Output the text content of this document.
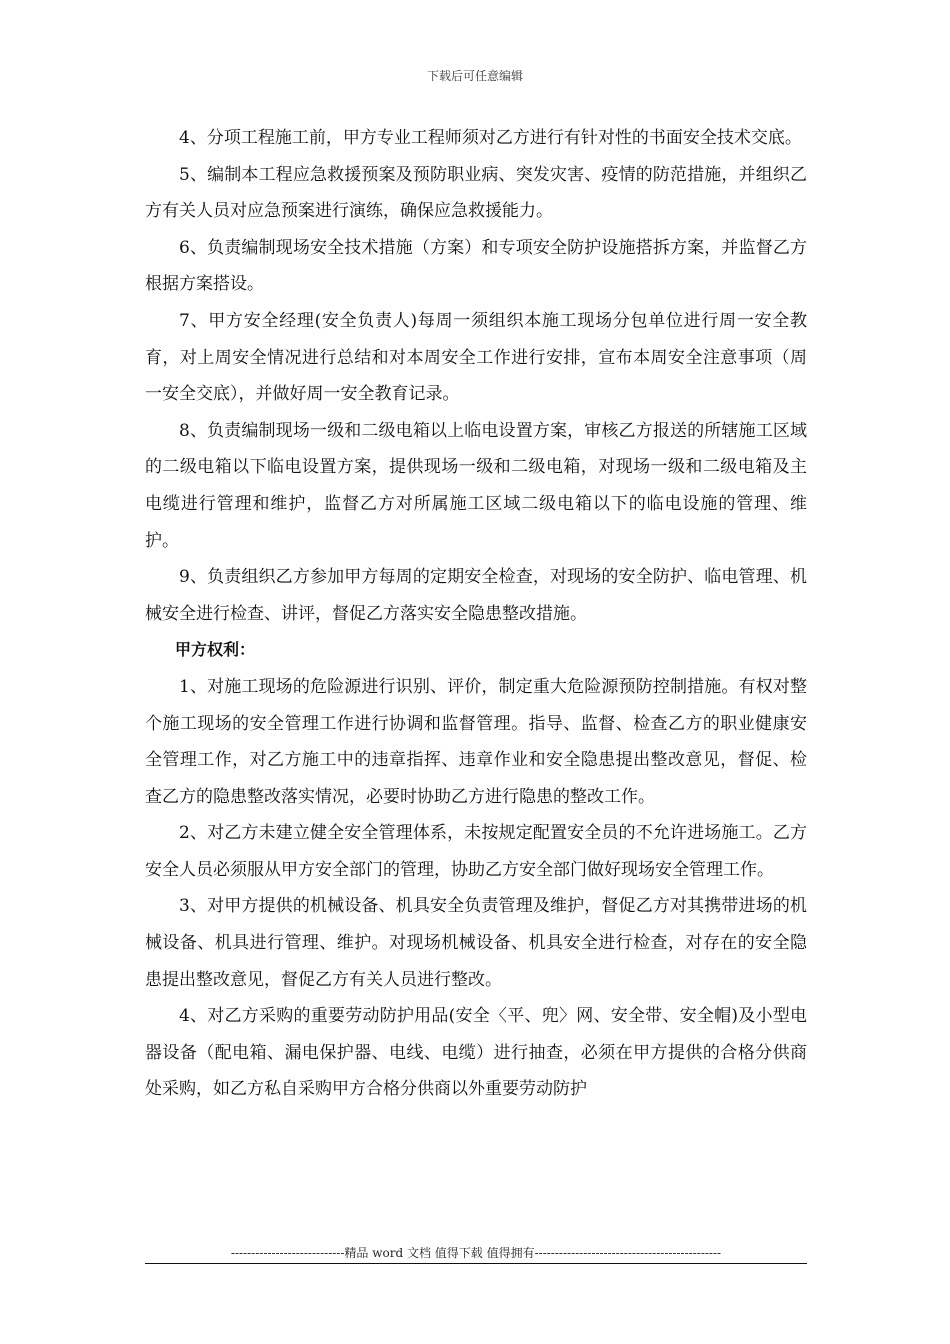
下载后可任意编辑

4、分项工程施工前，甲方专业工程师须对乙方进行有针对性的书面安全技术交底。

5、编制本工程应急救援预案及预防职业病、突发灾害、疫情的防范措施，并组织乙方有关人员对应急预案进行演练，确保应急救援能力。

6、负责编制现场安全技术措施（方案）和专项安全防护设施搭拆方案，并监督乙方根据方案搭设。

7、甲方安全经理(安全负责人)每周一须组织本施工现场分包单位进行周一安全教育，对上周安全情况进行总结和对本周安全工作进行安排，宣布本周安全注意事项（周一安全交底），并做好周一安全教育记录。

8、负责编制现场一级和二级电箱以上临电设置方案，审核乙方报送的所辖施工区域的二级电箱以下临电设置方案，提供现场一级和二级电箱，对现场一级和二级电箱及主电缆进行管理和维护，监督乙方对所属施工区域二级电箱以下的临电设施的管理、维护。

9、负责组织乙方参加甲方每周的定期安全检查，对现场的安全防护、临电管理、机械安全进行检查、讲评，督促乙方落实安全隐患整改措施。

甲方权利：

1、对施工现场的危险源进行识别、评价，制定重大危险源预防控制措施。有权对整个施工现场的安全管理工作进行协调和监督管理。指导、监督、检查乙方的职业健康安全管理工作，对乙方施工中的违章指挥、违章作业和安全隐患提出整改意见，督促、检查乙方的隐患整改落实情况，必要时协助乙方进行隐患的整改工作。

2、对乙方未建立健全安全管理体系，未按规定配置安全员的不允许进场施工。乙方安全人员必须服从甲方安全部门的管理，协助乙方安全部门做好现场安全管理工作。

3、对甲方提供的机械设备、机具安全负责管理及维护，督促乙方对其携带进场的机械设备、机具进行管理、维护。对现场机械设备、机具安全进行检查，对存在的安全隐患提出整改意见，督促乙方有关人员进行整改。

4、对乙方采购的重要劳动防护用品(安全〈平、兜〉网、安全带、安全帽)及小型电器设备（配电箱、漏电保护器、电线、电缆）进行抽查，必须在甲方提供的合格分供商处采购，如乙方私自采购甲方合格分供商以外重要劳动防护

----------------------------精品 word 文档 值得下载 值得拥有----------------------------------------------
